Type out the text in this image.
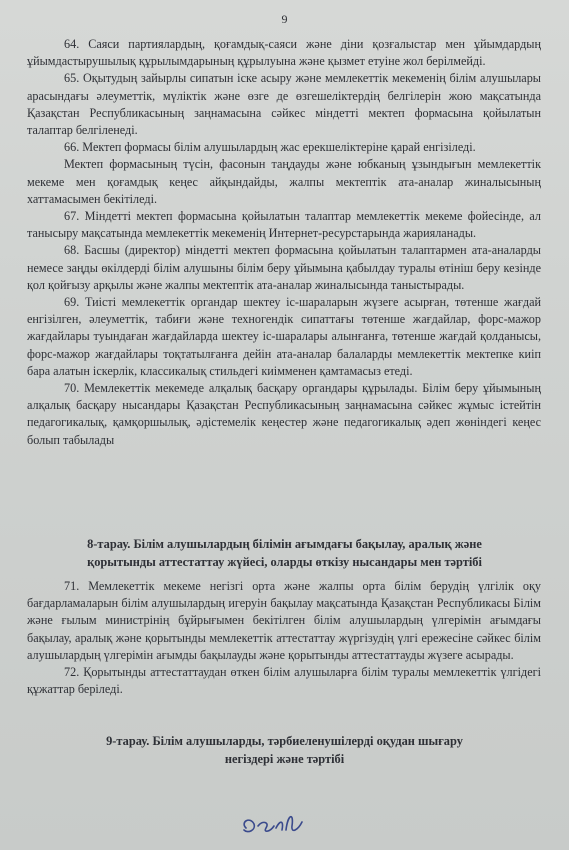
9

64. Саяси партиялардың, қоғамдық-саяси және діни қозғалыстар мен ұйымдардың ұйымдастырушылық құрылымдарының құрылуына және қызмет етуіне жол берілмейді.

65. Оқытудың зайырлы сипатын іске асыру және мемлекеттік мекеменің білім алушылары арасындағы әлеуметтік, мүліктік және өзге де өзгешеліктердің белгілерін жою мақсатында Қазақстан Республикасының заңнамасына сәйкес міндетті мектеп формасына қойылатын талаптар белгіленеді.

66. Мектеп формасы білім алушылардың жас ерекшеліктеріне қарай енгізіледі.

Мектеп формасының түсін, фасонын таңдауды және юбканың ұзындығын мемлекеттік мекеме мен қоғамдық кеңес айқындайды, жалпы мектептік ата-аналар жиналысының хаттамасымен бекітіледі.

67. Міндетті мектеп формасына қойылатын талаптар мемлекеттік мекеме фойесінде, ал танысыру мақсатында мемлекеттік мекеменің Интернет-ресурстарында жарияланады.

68. Басшы (директор) міндетті мектеп формасына қойылатын талаптармен ата-аналарды немесе заңды өкілдерді білім алушыны білім беру ұйымына қабылдау туралы өтініш беру кезінде қол қойғызу арқылы және жалпы мектептік ата-аналар жиналысында таныстырады.

69. Тиісті мемлекеттік органдар шектеу іс-шараларын жүзеге асырған, төтенше жағдай енгізілген, әлеуметтік, табиғи және техногендік сипаттағы төтенше жағдайлар, форс-мажор жағдайлары туындаған жағдайларда шектеу іс-шаралары алынғанға, төтенше жағдай қолданысы, форс-мажор жағдайлары тоқтатылғанға дейін ата-аналар балаларды мемлекеттік мектепке киіп бара алатын іскерлік, классикалық стильдегі киімменен қамтамасыз етеді.

70. Мемлекеттік мекемеде алқалық басқару органдары құрылады. Білім беру ұйымының алқалық басқару нысандары Қазақстан Республикасының заңнамасына сәйкес жұмыс істейтін педагогикалық, қамқоршылық, әдістемелік кеңестер және педагогикалық әдеп жөніндегі кеңес болып табылады

8-тарау. Білім алушылардың білімін ағымдағы бақылау, аралық және
қорытынды аттестаттау жүйесі, оларды өткізу нысандары мен тәртібі

71. Мемлекеттік мекеме негізгі орта және жалпы орта білім берудің үлгілік оқу бағдарламаларын білім алушылардың игеруін бақылау мақсатында Қазақстан Республикасы Білім және ғылым министрінің бұйрығымен бекітілген білім алушылардың үлгерімін ағымдағы бақылау, аралық және қорытынды мемлекеттік аттестаттау жүргізудің үлгі ережесіне сәйкес білім алушылардың үлгерімін ағымды бақылауды және қорытынды аттестаттауды жүзеге асырады.

72. Қорытынды аттестаттаудан өткен білім алушыларға білім туралы мемлекеттік үлгідегі құжаттар беріледі.

9-тарау. Білім алушыларды, тәрбиеленушілерді оқудан шығару
негіздері және тәртібі
